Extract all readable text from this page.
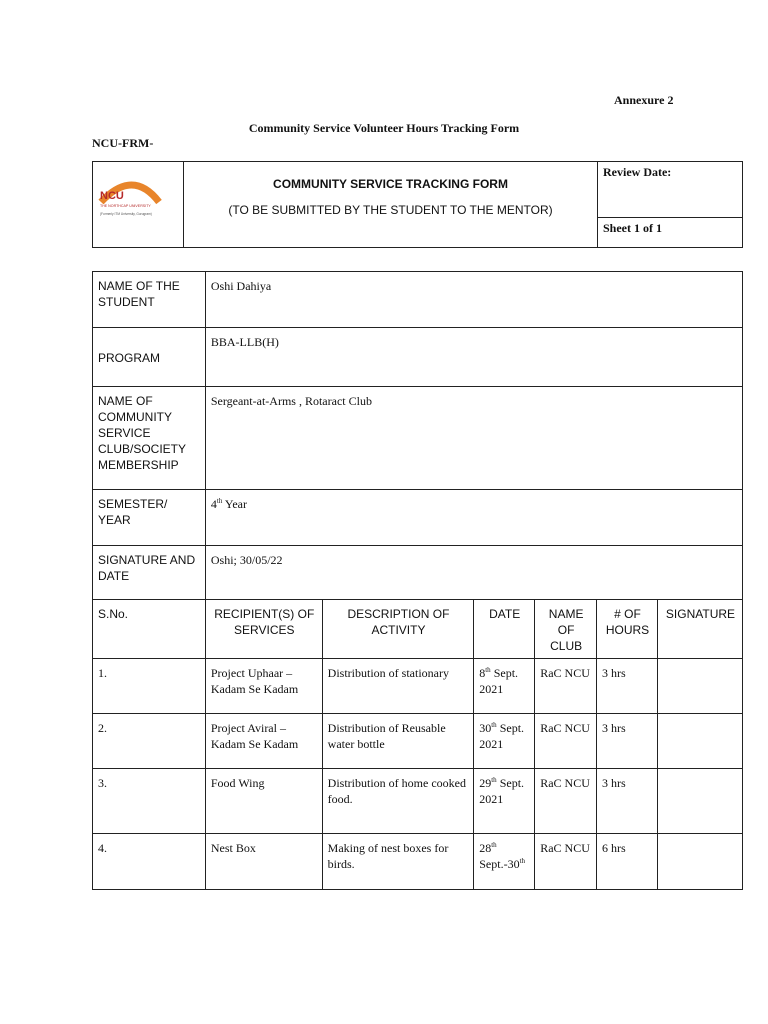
Annexure 2
Community Service Volunteer Hours Tracking Form
NCU-FRM-
NCU
THE NORTHCAP UNIVERSITY
(Formerly ITM University, Gurugram)

COMMUNITY SERVICE TRACKING FORM
(TO BE SUBMITTED BY THE STUDENT TO THE MENTOR)
	Review Date:
Sheet 1 of 1
NAME OF THE STUDENT	Oshi Dahiya					
PROGRAM	BBA-LLB(H)					
NAME OF COMMUNITY SERVICE CLUB/SOCIETY MEMBERSHIP	Sergeant-at-Arms , Rotaract Club					
SEMESTER/ YEAR	4th Year					
SIGNATURE AND DATE	Oshi; 30/05/22					
S.No.	RECIPIENT(S) OF SERVICES	DESCRIPTION OF ACTIVITY	DATE	NAME OF CLUB	# OF HOURS	SIGNATURE
1.	Project Uphaar – Kadam Se Kadam	Distribution of stationary	8th Sept. 2021	RaC NCU	3 hrs	
2.	Project Aviral – Kadam Se Kadam	Distribution of Reusable water bottle	30th Sept. 2021	RaC NCU	3 hrs	
3.	Food Wing	Distribution of home cooked food.	29th Sept. 2021	RaC NCU	3 hrs	
4.	Nest Box	Making of nest boxes for birds.	28th Sept.-30th	RaC NCU	6 hrs	
